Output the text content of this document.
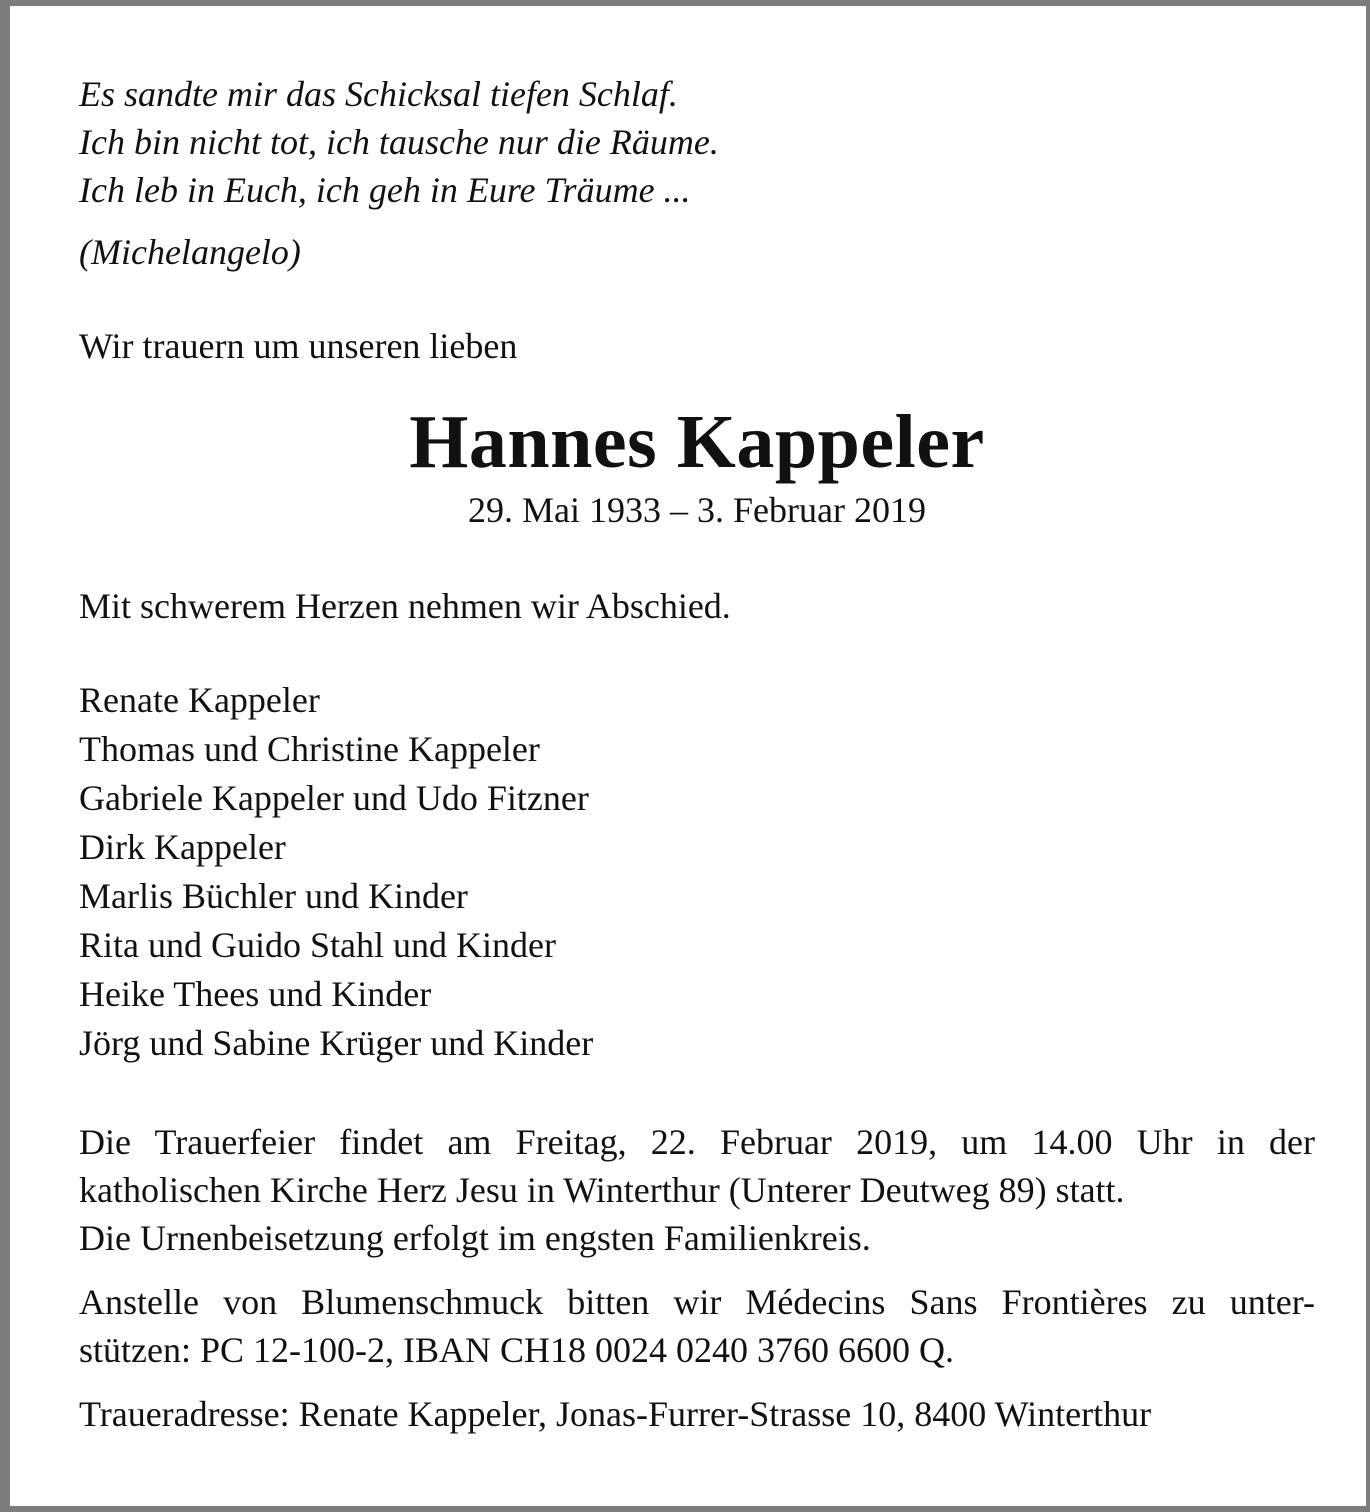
Es sandte mir das Schicksal tiefen Schlaf.
Ich bin nicht tot, ich tausche nur die Räume.
Ich leb in Euch, ich geh in Eure Träume ...
(Michelangelo)
Wir trauern um unseren lieben
Hannes Kappeler
29. Mai 1933 – 3. Februar 2019
Mit schwerem Herzen nehmen wir Abschied.
Renate Kappeler
Thomas und Christine Kappeler
Gabriele Kappeler und Udo Fitzner
Dirk Kappeler
Marlis Büchler und Kinder
Rita und Guido Stahl und Kinder
Heike Thees und Kinder
Jörg und Sabine Krüger und Kinder
Die Trauerfeier findet am Freitag, 22. Februar 2019, um 14.00 Uhr in der
katholischen Kirche Herz Jesu in Winterthur (Unterer Deutweg 89) statt.
Die Urnenbeisetzung erfolgt im engsten Familienkreis.
Anstelle von Blumenschmuck bitten wir Médecins Sans Frontières zu unter-
stützen: PC 12-100-2, IBAN CH18 0024 0240 3760 6600 Q.
Traueradresse: Renate Kappeler, Jonas-Furrer-Strasse 10, 8400 Winterthur
